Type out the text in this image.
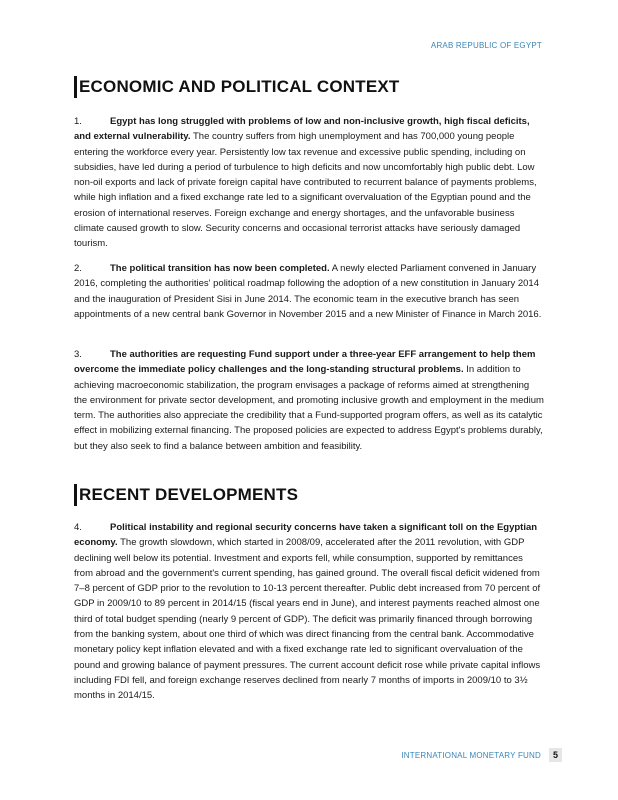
ARAB REPUBLIC OF EGYPT
ECONOMIC AND POLITICAL CONTEXT

1.	Egypt has long struggled with problems of low and non-inclusive growth, high fiscal deficits, and external vulnerability. The country suffers from high unemployment and has 700,000 young people entering the workforce every year. Persistently low tax revenue and excessive public spending, including on subsidies, have led during a period of turbulence to high deficits and now uncomfortably high public debt. Low non-oil exports and lack of private foreign capital have contributed to recurrent balance of payments problems, while high inflation and a fixed exchange rate led to a significant overvaluation of the Egyptian pound and the erosion of international reserves. Foreign exchange and energy shortages, and the unfavorable business climate caused growth to slow. Security concerns and occasional terrorist attacks have seriously damaged tourism.

2.	The political transition has now been completed. A newly elected Parliament convened in January 2016, completing the authorities' political roadmap following the adoption of a new constitution in January 2014 and the inauguration of President Sisi in June 2014. The economic team in the executive branch has seen appointments of a new central bank Governor in November 2015 and a new Minister of Finance in March 2016.

3.	The authorities are requesting Fund support under a three-year EFF arrangement to help them overcome the immediate policy challenges and the long-standing structural problems. In addition to achieving macroeconomic stabilization, the program envisages a package of reforms aimed at strengthening the environment for private sector development, and promoting inclusive growth and employment in the medium term. The authorities also appreciate the credibility that a Fund-supported program offers, as well as its catalytic effect in mobilizing external financing. The proposed policies are expected to address Egypt's problems durably, but they also seek to find a balance between ambition and feasibility.

RECENT DEVELOPMENTS

4.	Political instability and regional security concerns have taken a significant toll on the Egyptian economy. The growth slowdown, which started in 2008/09, accelerated after the 2011 revolution, with GDP declining well below its potential. Investment and exports fell, while consumption, supported by remittances from abroad and the government's current spending, has gained ground. The overall fiscal deficit widened from 7–8 percent of GDP prior to the revolution to 10-13 percent thereafter. Public debt increased from 70 percent of GDP in 2009/10 to 89 percent in 2014/15 (fiscal years end in June), and interest payments reached almost one third of total budget spending (nearly 9 percent of GDP). The deficit was primarily financed through borrowing from the banking system, about one third of which was direct financing from the central bank. Accommodative monetary policy kept inflation elevated and with a fixed exchange rate led to significant overvaluation of the pound and growing balance of payment pressures. The current account deficit rose while private capital inflows including FDI fell, and foreign exchange reserves declined from nearly 7 months of imports in 2009/10 to 3½ months in 2014/15.

INTERNATIONAL MONETARY FUND	5
